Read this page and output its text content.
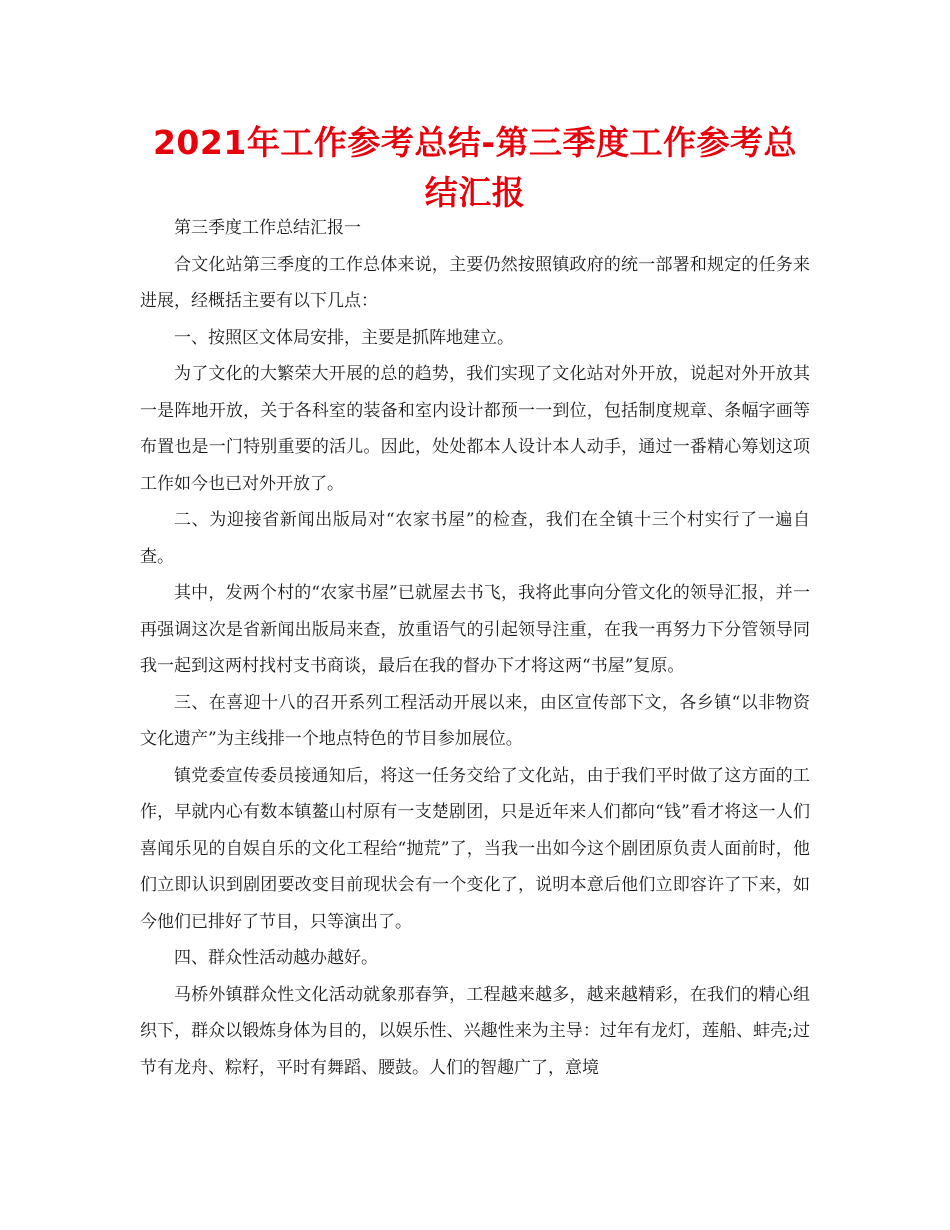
2021年工作参考总结-第三季度工作参考总结汇报

第三季度工作总结汇报一

合文化站第三季度的工作总体来说，主要仍然按照镇政府的统一部署和规定的任务来进展，经概括主要有以下几点：

一、按照区文体局安排，主要是抓阵地建立。

为了文化的大繁荣大开展的总的趋势，我们实现了文化站对外开放，说起对外开放其一是阵地开放，关于各科室的装备和室内设计都预一一到位，包括制度规章、条幅字画等布置也是一门特别重要的活儿。因此，处处都本人设计本人动手，通过一番精心筹划这项工作如今也已对外开放了。

二、为迎接省新闻出版局对“农家书屋”的检查，我们在全镇十三个村实行了一遍自查。

其中，发两个村的“农家书屋”已就屋去书飞，我将此事向分管文化的领导汇报，并一再强调这次是省新闻出版局来查，放重语气的引起领导注重，在我一再努力下分管领导同我一起到这两村找村支书商谈，最后在我的督办下才将这两“书屋”复原。

三、在喜迎十八的召开系列工程活动开展以来，由区宣传部下文，各乡镇“以非物资文化遗产”为主线排一个地点特色的节目参加展位。

镇党委宣传委员接通知后，将这一任务交给了文化站，由于我们平时做了这方面的工作，早就内心有数本镇鳌山村原有一支楚剧团，只是近年来人们都向“钱”看才将这一人们喜闻乐见的自娱自乐的文化工程给“抛荒”了，当我一出如今这个剧团原负责人面前时，他们立即认识到剧团要改变目前现状会有一个变化了，说明本意后他们立即容许了下来，如今他们已排好了节目，只等演出了。

四、群众性活动越办越好。

马桥外镇群众性文化活动就象那春笋，工程越来越多，越来越精彩，在我们的精心组织下，群众以锻炼身体为目的，以娱乐性、兴趣性来为主导：过年有龙灯，莲船、蚌壳;过节有龙舟、粽籽，平时有舞蹈、腰鼓。人们的智趣广了，意境
